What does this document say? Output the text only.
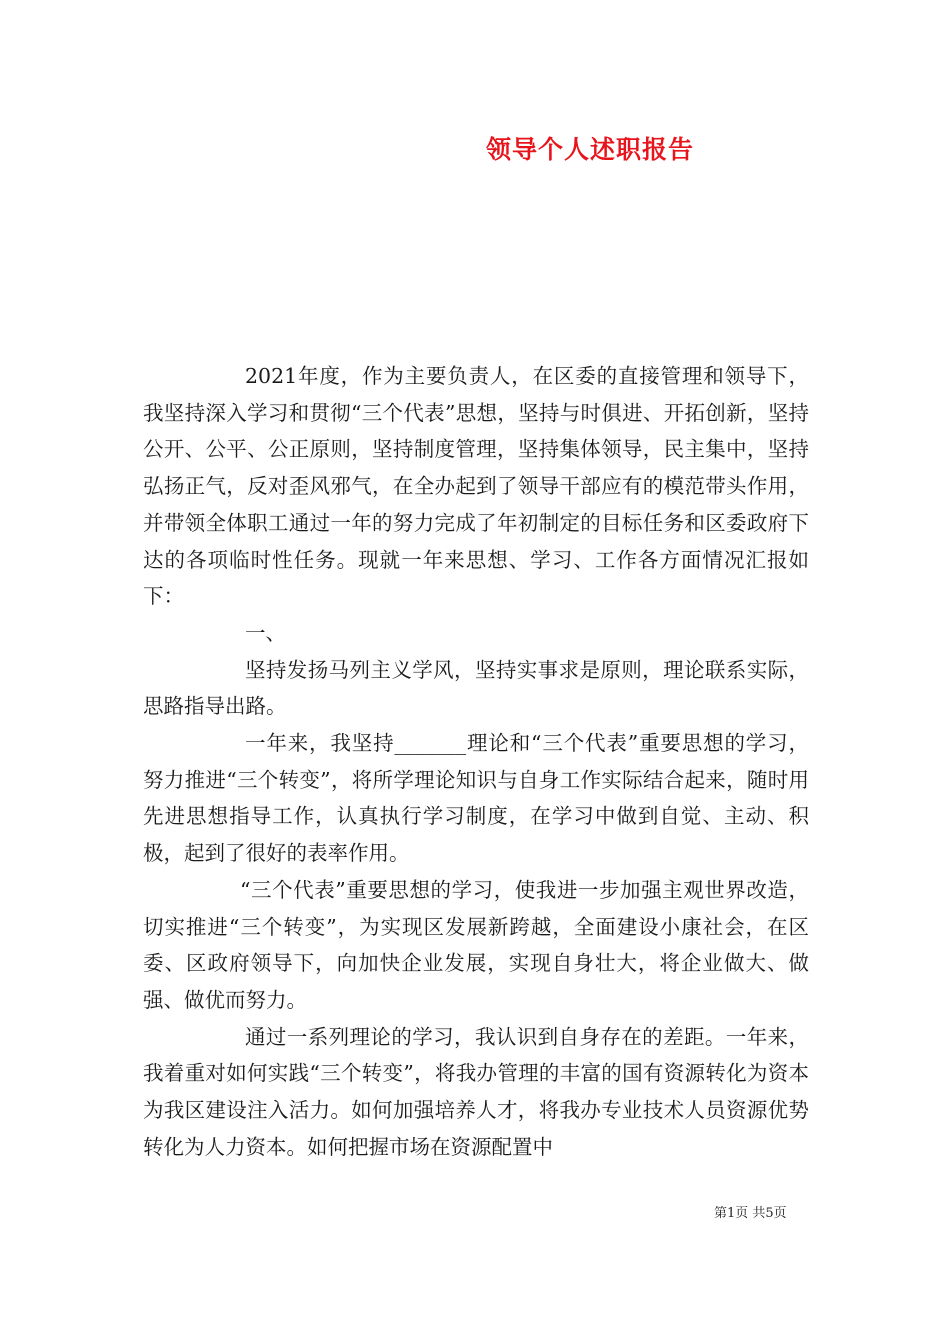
领导个人述职报告

2021年度，作为主要负责人，在区委的直接管理和领导下，我坚持深入学习和贯彻“三个代表”思想，坚持与时俱进、开拓创新，坚持公开、公平、公正原则，坚持制度管理，坚持集体领导，民主集中，坚持弘扬正气，反对歪风邪气，在全办起到了领导干部应有的模范带头作用，并带领全体职工通过一年的努力完成了年初制定的目标任务和区委政府下达的各项临时性任务。现就一年来思想、学习、工作各方面情况汇报如下：

一、

坚持发扬马列主义学风，坚持实事求是原则，理论联系实际，思路指导出路。

一年来，我坚持_______理论和“三个代表”重要思想的学习，努力推进“三个转变”，将所学理论知识与自身工作实际结合起来，随时用先进思想指导工作，认真执行学习制度，在学习中做到自觉、主动、积极，起到了很好的表率作用。

“三个代表”重要思想的学习，使我进一步加强主观世界改造，切实推进“三个转变”，为实现区发展新跨越，全面建设小康社会，在区委、区政府领导下，向加快企业发展，实现自身壮大，将企业做大、做强、做优而努力。

通过一系列理论的学习，我认识到自身存在的差距。一年来，我着重对如何实践“三个转变”，将我办管理的丰富的国有资源转化为资本为我区建设注入活力。如何加强培养人才，将我办专业技术人员资源优势转化为人力资本。如何把握市场在资源配置中

第1页 共5页
